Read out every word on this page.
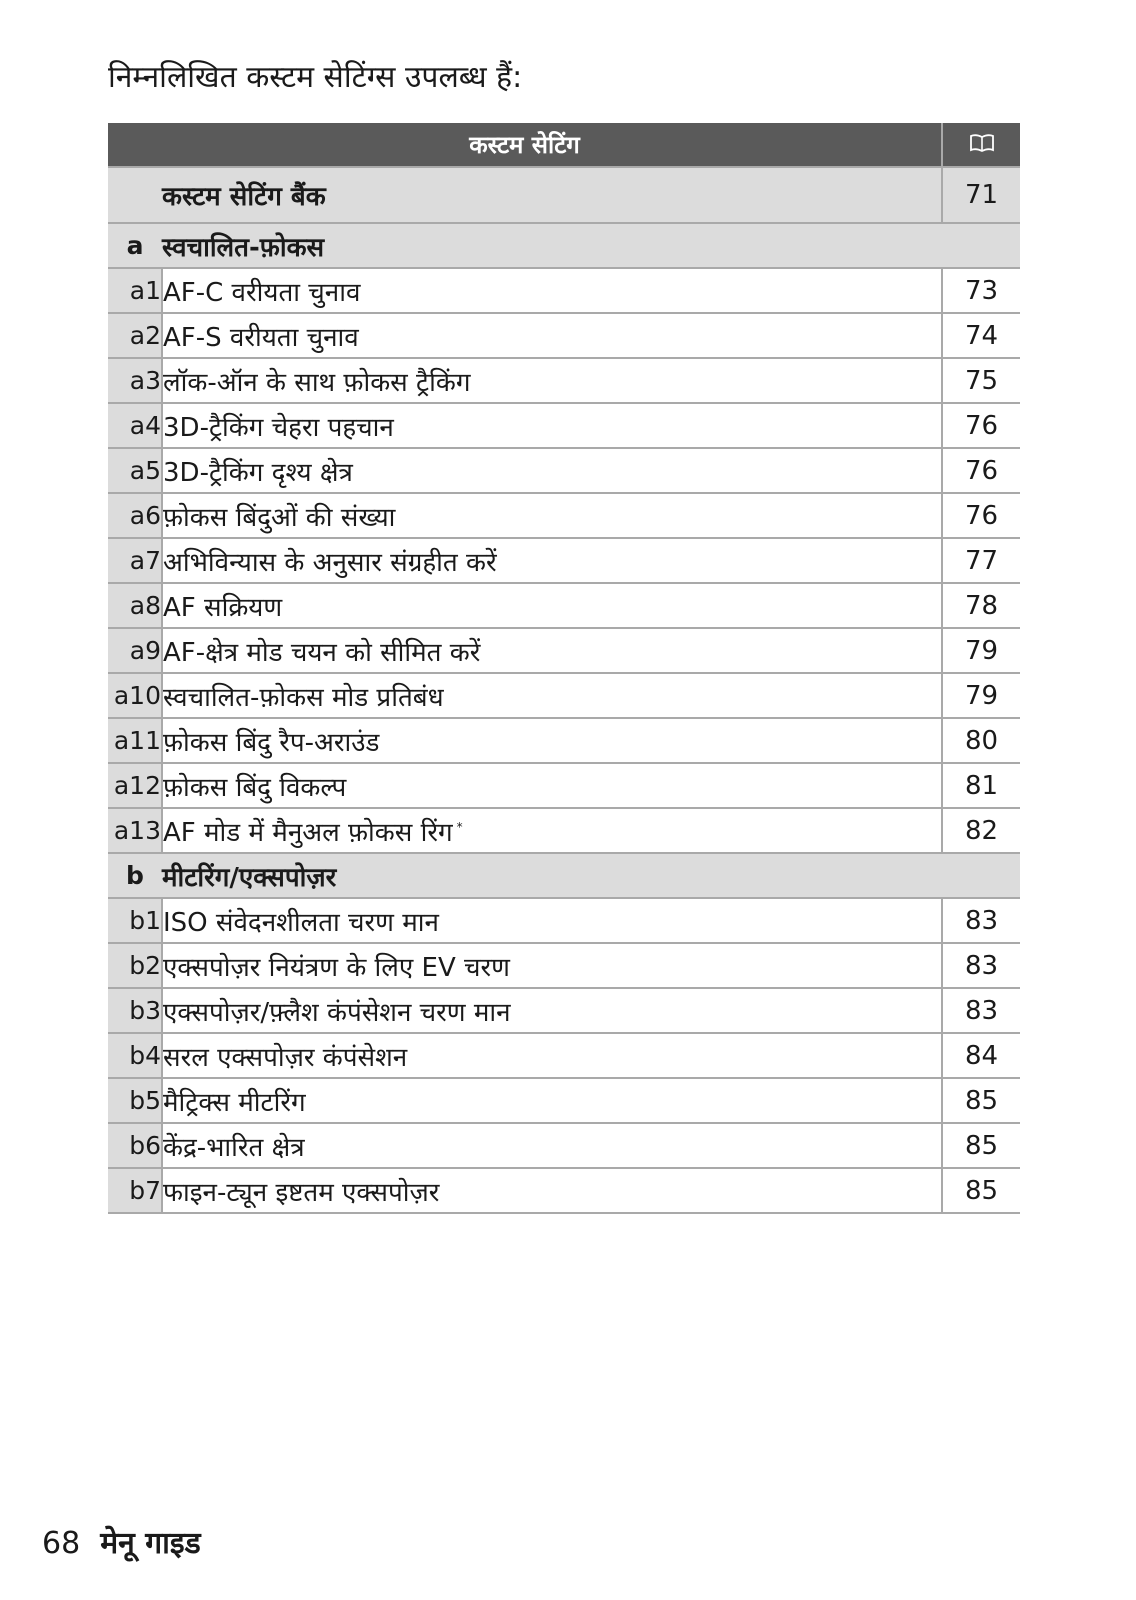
निम्नलिखित कस्टम सेटिंग्स उपलब्ध हैं:
कस्टम सेटिंग	
	कस्टम सेटिंग बैंक	71
a	स्वचालित-फ़ोकस	
a1	AF-C वरीयता चुनाव	73
a2	AF-S वरीयता चुनाव	74
a3	लॉक-ऑन के साथ फ़ोकस ट्रैकिंग	75
a4	3D-ट्रैकिंग चेहरा पहचान	76
a5	3D-ट्रैकिंग दृश्य क्षेत्र	76
a6	फ़ोकस बिंदुओं की संख्या	76
a7	अभिविन्यास के अनुसार संग्रहीत करें	77
a8	AF सक्रियण	78
a9	AF-क्षेत्र मोड चयन को सीमित करें	79
a10	स्वचालित-फ़ोकस मोड प्रतिबंध	79
a11	फ़ोकस बिंदु रैप-अराउंड	80
a12	फ़ोकस बिंदु विकल्प	81
a13	AF मोड में मैनुअल फ़ोकस रिंग *	82
b	मीटरिंग/एक्सपोज़र	
b1	ISO संवेदनशीलता चरण मान	83
b2	एक्सपोज़र नियंत्रण के लिए EV चरण	83
b3	एक्सपोज़र/फ़्लैश कंपंसेशन चरण मान	83
b4	सरल एक्सपोज़र कंपंसेशन	84
b5	मैट्रिक्स मीटरिंग	85
b6	केंद्र-भारित क्षेत्र	85
b7	फाइन-ट्यून इष्टतम एक्सपोज़र	85
68 मेनू गाइड
